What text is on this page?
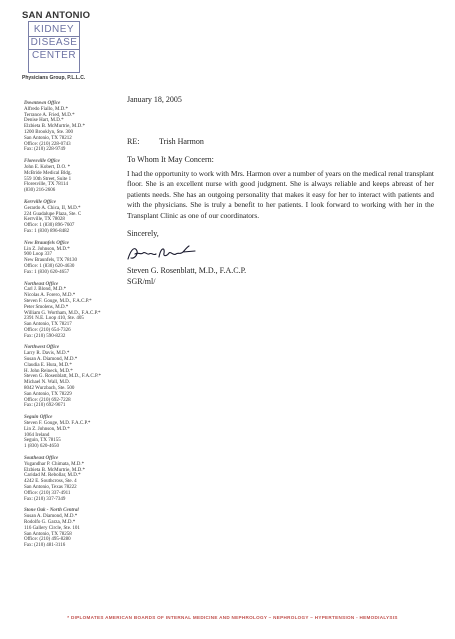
SAN ANTONIO
KIDNEY
DISEASE
CENTER
Physicians Group, P.L.L.C.
Downtown Office
Alfredo Fiallo, M.D.*
Terrance A. Fried, M.D.*
Denise Hart, M.D.*
Elzbieta B. McMurtrie, M.D.*
1200 Brooklyn, Ste. 300
San Antonio, TX 78212
Office: (210) 228-0743
Fax: (210) 228-9749
Floresville Office
John E. Kobert, D.O. *
McBride Medical Bldg.
559 10th Street, Suite 1
Floresville, TX 78114
(830) 216-2606
Kerrville Office
Gerardo A. Chica, II, M.D.*
224 Guadalupe Plaza, Ste. C
Kerrville, TX 78028
Office: 1 (830) 896-7607
Fax: 1 (830) 896-8482
New Braunfels Office
Lin Z. Johnson, M.D.*
900 Loop 337
New Braunfels, TX 78130
Office: 1 (830) 620-4630
Fax: 1 (830) 620-4657
Northeast Office
Carl J. Blond, M.D.*
Nicolas A. Forero, M.D.*
Steven F. Gouge, M.D., F.A.C.P.*
Peter Smolens, M.D.*
William G. Wortham, M.D., F.A.C.P.*
2391 N.E. Loop 410, Ste. 405
San Antonio, TX 78217
Office: (210) 654-7326
Fax: (210) 590-8232
Northwest Office
Larry R. Davis, M.D.*
Susan A. Diamond, M.D.*
Claudia E. Hura, M.D.*
H. John Reineck, M.D.*
Steven G. Rosenblatt, M.D., F.A.C.P.*
Michael N. Wall, M.D.
8042 Wurzbach, Ste. 500
San Antonio, TX 78229
Office: (210) 692-7228
Fax: (210) 692-9671
Seguin Office
Steven F. Gouge, M.D. F.A.C.P.*
Lin Z. Johnson, M.D.*
1064 Ireland
Seguin, TX 78155
1 (830) 620-4650
Southeast Office
Yugandhar P. Chimata, M.D.*
Elzbieta B. McMurtrie, M.D.*
Caridad M. Rebollar, M.D.*
4242 E. Southcross, Ste. 4
San Antonio, Texas 78222
Office: (210) 337-4911
Fax: (210) 337-7349
Stone Oak - North Central
Susan A. Diamond, M.D.*
Rodolfo G. Garza, M.D.*
116 Gallery Circle, Ste. 101
San Antonio, TX 78258
Office: (210) 495-8280
Fax: (210) 481-3116
January 18, 2005
RE: Trish Harmon
To Whom It May Concern:
I had the opportunity to work with Mrs. Harmon over a number of years on the medical renal transplant floor. She is an excellent nurse with good judgment. She is always reliable and keeps abreast of her patients needs. She has an outgoing personality that makes it easy for her to interact with patients and with the physicians. She is truly a benefit to her patients. I look forward to working with her in the Transplant Clinic as one of our coordinators.
Sincerely,
Steven G. Rosenblatt, M.D., F.A.C.P.
SGR/ml/
* DIPLOMATES AMERICAN BOARDS OF INTERNAL MEDICINE AND NEPHROLOGY – NEPHROLOGY – HYPERTENSION - HEMODIALYSIS
